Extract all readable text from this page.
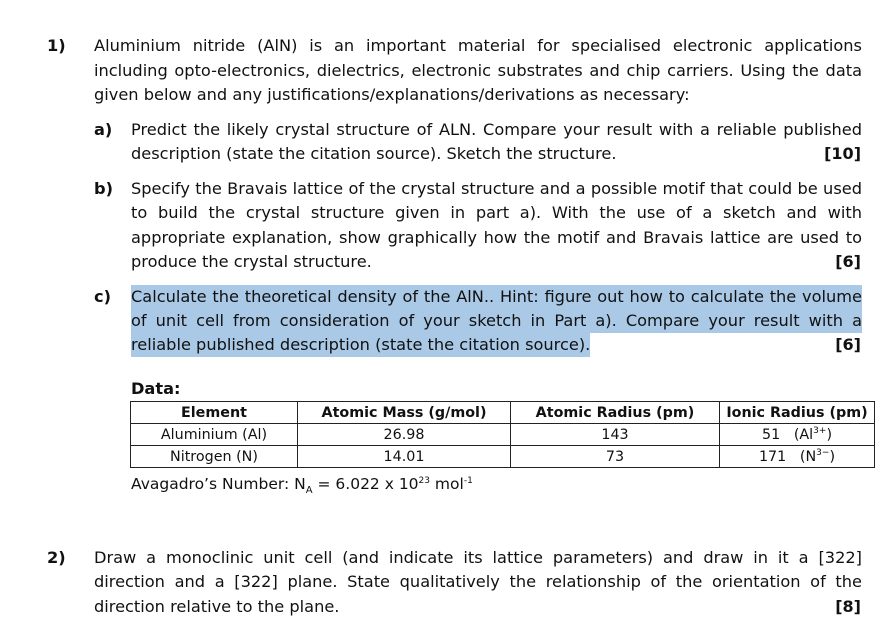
1) Aluminium nitride (AlN) is an important material for specialised electronic applications
including opto-electronics, dielectrics, electronic substrates and chip carriers. Using the data
given below and any justifications/explanations/derivations as necessary:
a) Predict the likely crystal structure of ALN. Compare your result with a reliable published
description (state the citation source). Sketch the structure.	[10]
b) Specify the Bravais lattice of the crystal structure and a possible motif that could be used
to build the crystal structure given in part a). With the use of a sketch and with
appropriate explanation, show graphically how the motif and Bravais lattice are used to
produce the crystal structure.	[6]
c) Calculate the theoretical density of the AlN.. Hint: figure out how to calculate the volume
of unit cell from consideration of your sketch in Part a). Compare your result with a
reliable published description (state the citation source).	[6]
Data:
Element	Atomic Mass (g/mol)	Atomic Radius (pm)	Ionic Radius (pm)
Aluminium (Al)	26.98	143	51 $(Al^{3+})$
Nitrogen (N)	14.01	73	171 $(N^{3-})$
Avagadro’s Number: $N_A = 6.022$ x $10^{23}$ mol$^{-1}$
2) Draw a monoclinic unit cell (and indicate its lattice parameters) and draw in it a [322]
direction and a [322] plane. State qualitatively the relationship of the orientation of the
direction relative to the plane.	[8]
